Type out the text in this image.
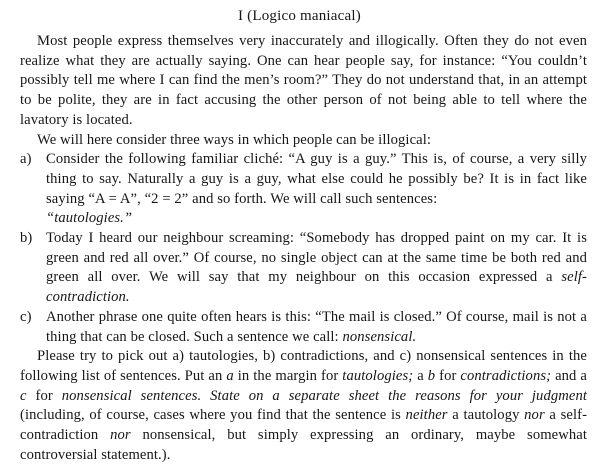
I (Logico maniacal)

Most people express themselves very inaccurately and illogically. Often they do not even realize what they are actually saying. One can hear people say, for instance: “You couldn’t possibly tell me where I can find the men’s room?” They do not understand that, in an attempt to be polite, they are in fact accusing the other person of not being able to tell where the lavatory is located.

We will here consider three ways in which people can be illogical:

a) Consider the following familiar cliché: “A guy is a guy.” This is, of course, a very silly thing to say. Naturally a guy is a guy, what else could he possibly be? It is in fact like saying “A = A”, “2 = 2” and so forth. We will call such sentences:
“tautologies.”

b) Today I heard our neighbour screaming: “Somebody has dropped paint on my car. It is green and red all over.” Of course, no single object can at the same time be both red and green all over. We will say that my neighbour on this occasion expressed a self-contradiction.

c) Another phrase one quite often hears is this: “The mail is closed.” Of course, mail is not a thing that can be closed. Such a sentence we call: nonsensical.

Please try to pick out a) tautologies, b) contradictions, and c) nonsensical sentences in the following list of sentences. Put an a in the margin for tautologies; a b for contradictions; and a c for nonsensical sentences. State on a separate sheet the reasons for your judgment (including, of course, cases where you find that the sentence is neither a tautology nor a self-contradiction nor nonsensical, but simply expressing an ordinary, maybe somewhat controversial statement.).
